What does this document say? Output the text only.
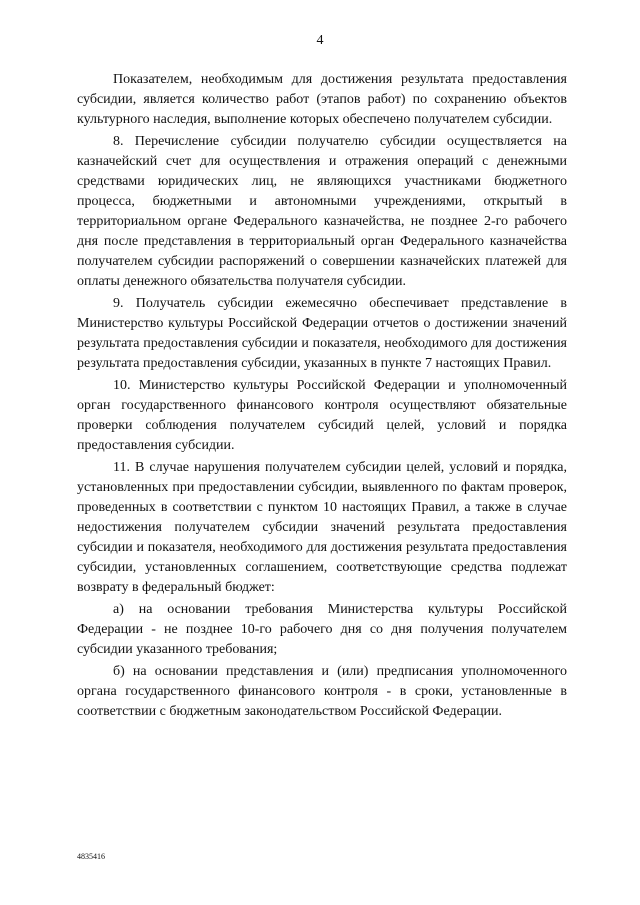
4

Показателем, необходимым для достижения результата предоставления субсидии, является количество работ (этапов работ) по сохранению объектов культурного наследия, выполнение которых обеспечено получателем субсидии.

8. Перечисление субсидии получателю субсидии осуществляется на казначейский счет для осуществления и отражения операций с денежными средствами юридических лиц, не являющихся участниками бюджетного процесса, бюджетными и автономными учреждениями, открытый в территориальном органе Федерального казначейства, не позднее 2-го рабочего дня после представления в территориальный орган Федерального казначейства получателем субсидии распоряжений о совершении казначейских платежей для оплаты денежного обязательства получателя субсидии.

9. Получатель субсидии ежемесячно обеспечивает представление в Министерство культуры Российской Федерации отчетов о достижении значений результата предоставления субсидии и показателя, необходимого для достижения результата предоставления субсидии, указанных в пункте 7 настоящих Правил.

10. Министерство культуры Российской Федерации и уполномоченный орган государственного финансового контроля осуществляют обязательные проверки соблюдения получателем субсидий целей, условий и порядка предоставления субсидии.

11. В случае нарушения получателем субсидии целей, условий и порядка, установленных при предоставлении субсидии, выявленного по фактам проверок, проведенных в соответствии с пунктом 10 настоящих Правил, а также в случае недостижения получателем субсидии значений результата предоставления субсидии и показателя, необходимого для достижения результата предоставления субсидии, установленных соглашением, соответствующие средства подлежат возврату в федеральный бюджет:

а) на основании требования Министерства культуры Российской Федерации - не позднее 10-го рабочего дня со дня получения получателем субсидии указанного требования;

б) на основании представления и (или) предписания уполномоченного органа государственного финансового контроля - в сроки, установленные в соответствии с бюджетным законодательством Российской Федерации.

4835416
